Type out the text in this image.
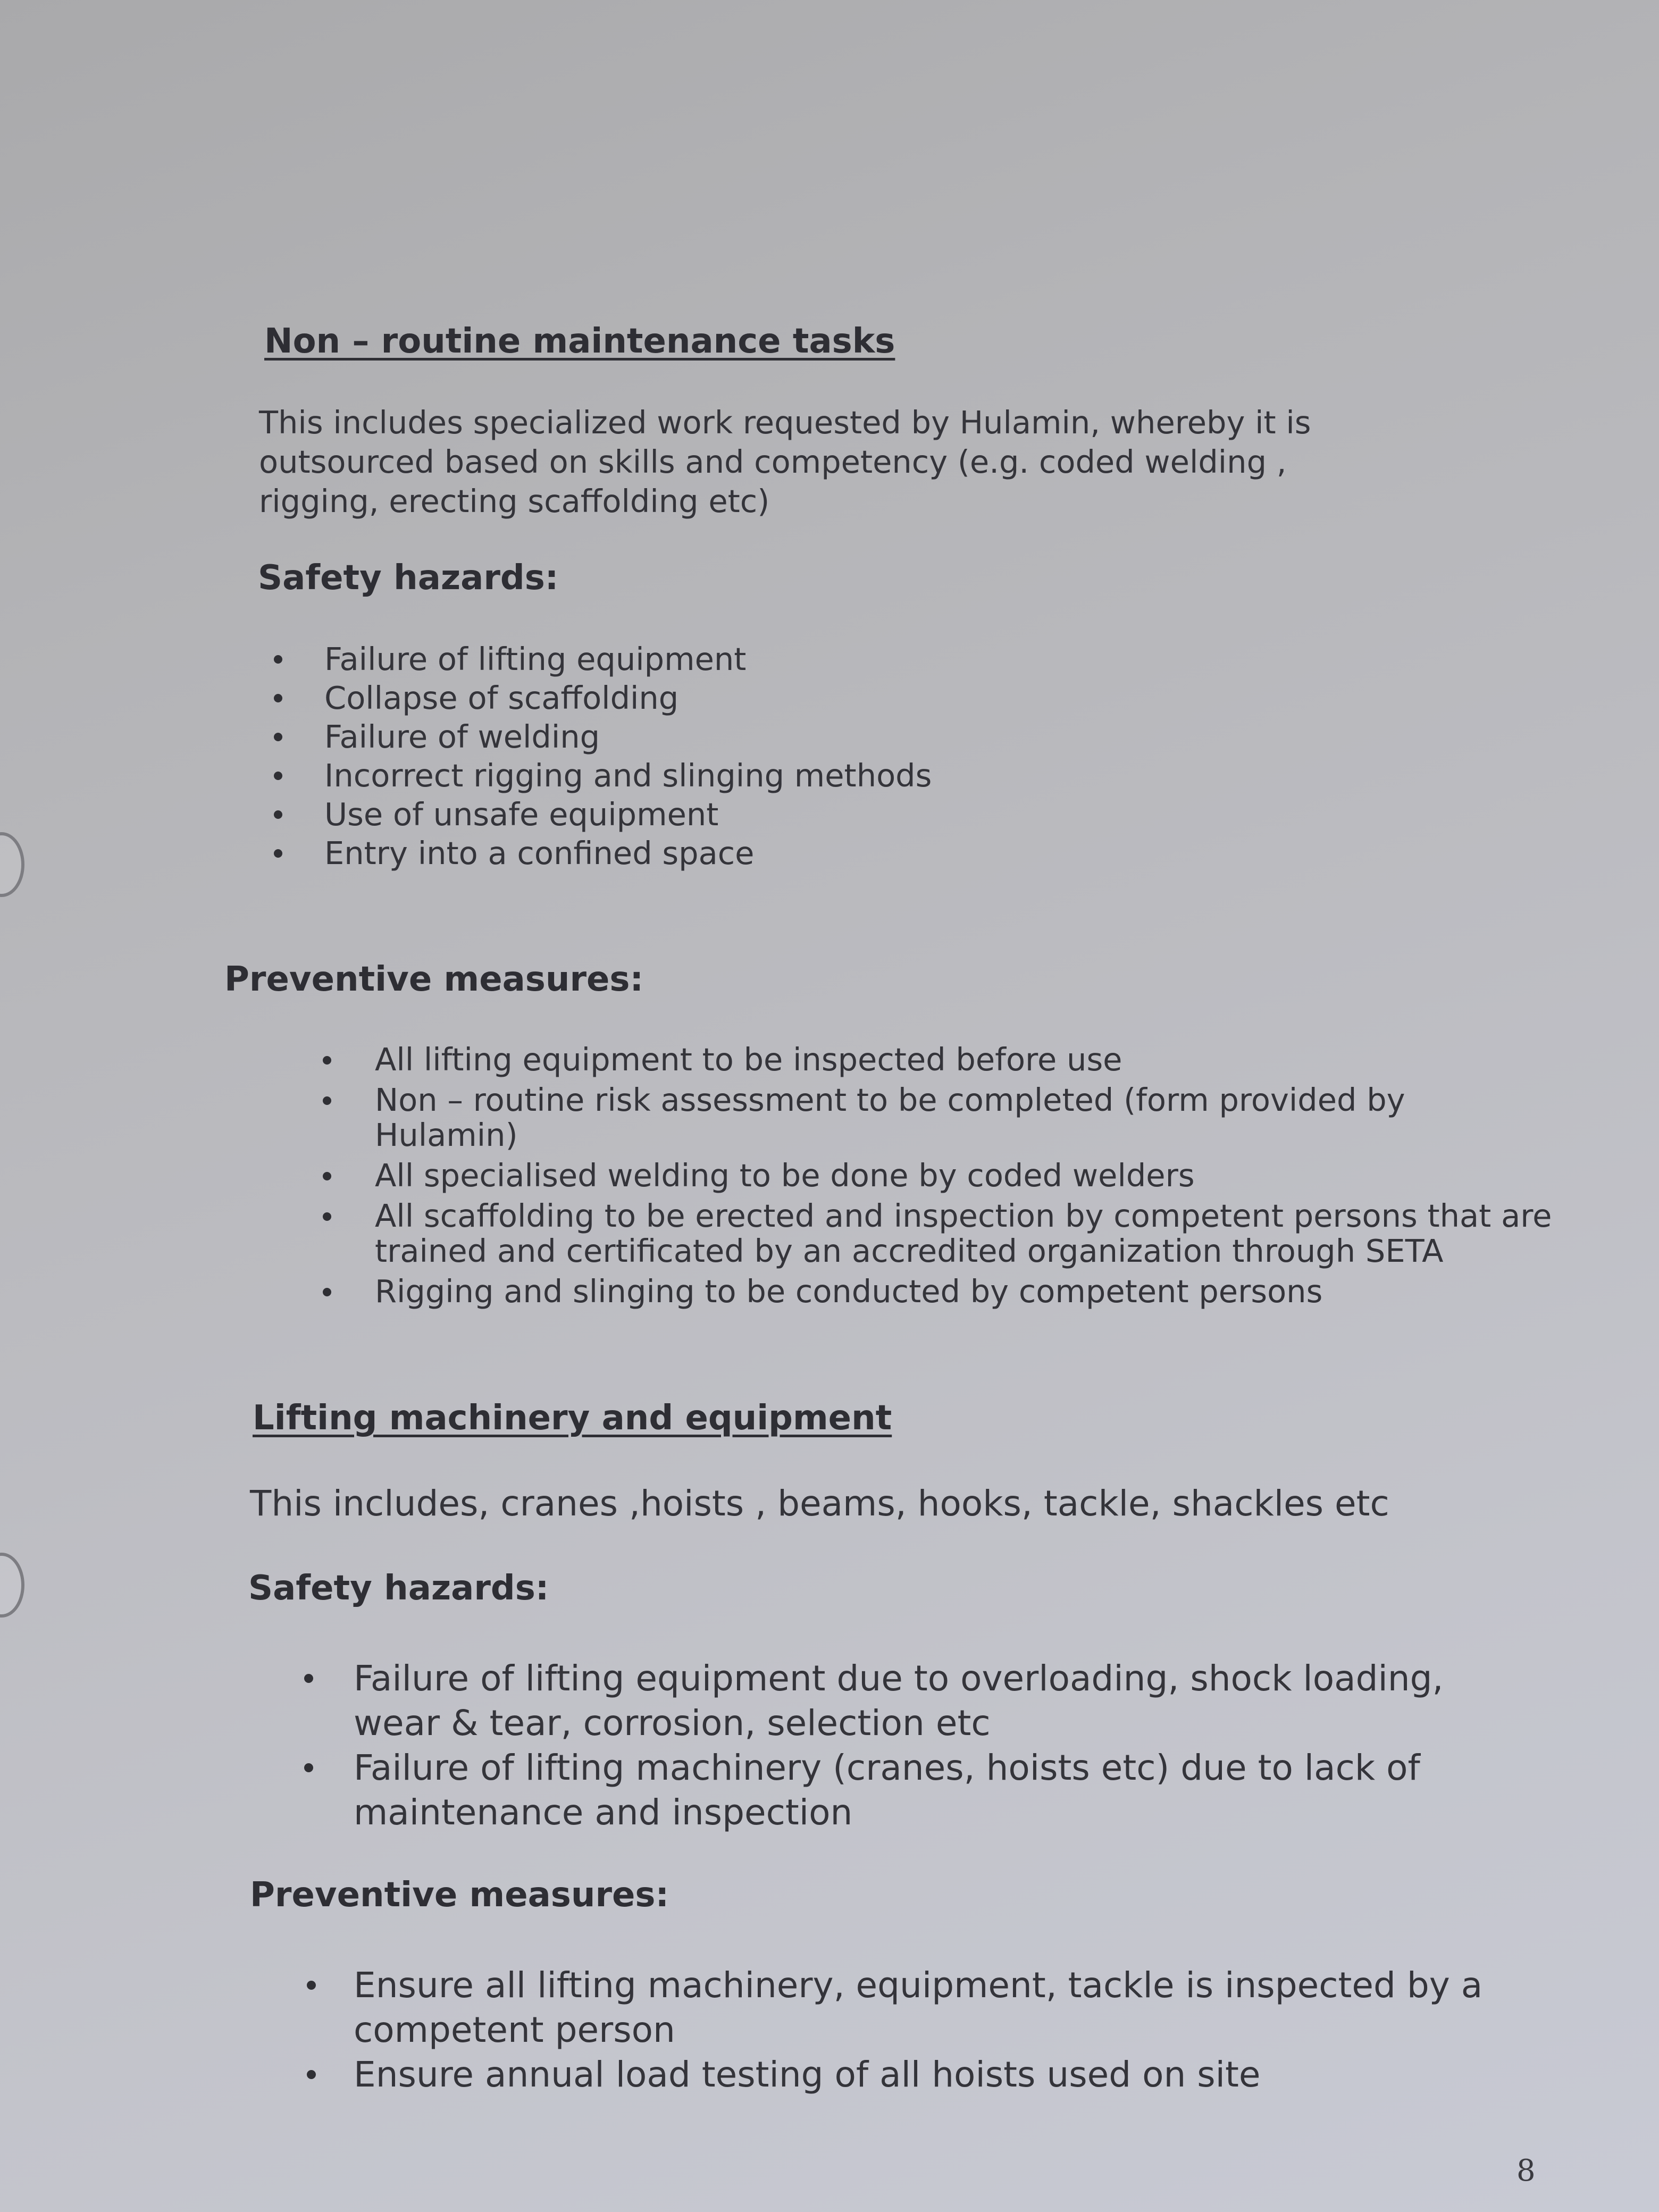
Non – routine maintenance tasks
This includes specialized work requested by Hulamin, whereby it is
outsourced based on skills and competency (e.g. coded welding ,
rigging, erecting scaffolding etc)
Safety hazards:
Failure of lifting equipment
Collapse of scaffolding
Failure of welding
Incorrect rigging and slinging methods
Use of unsafe equipment
Entry into a confined space
Preventive measures:
All lifting equipment to be inspected before use
Non – routine risk assessment to be completed (form provided by Hulamin)
All specialised welding to be done by coded welders
All scaffolding to be erected and inspection by competent persons that are trained and certificated by an accredited organization through SETA
Rigging and slinging to be conducted by competent persons
Lifting machinery and equipment

This includes, cranes ,hoists , beams, hooks, tackle, shackles etc

Safety hazards:
Failure of lifting equipment due to overloading, shock loading, wear & tear, corrosion, selection etc
Failure of lifting machinery (cranes, hoists etc) due to lack of maintenance and inspection
Preventive measures:
Ensure all lifting machinery, equipment, tackle is inspected by a competent person
Ensure annual load testing of all hoists used on site

8
